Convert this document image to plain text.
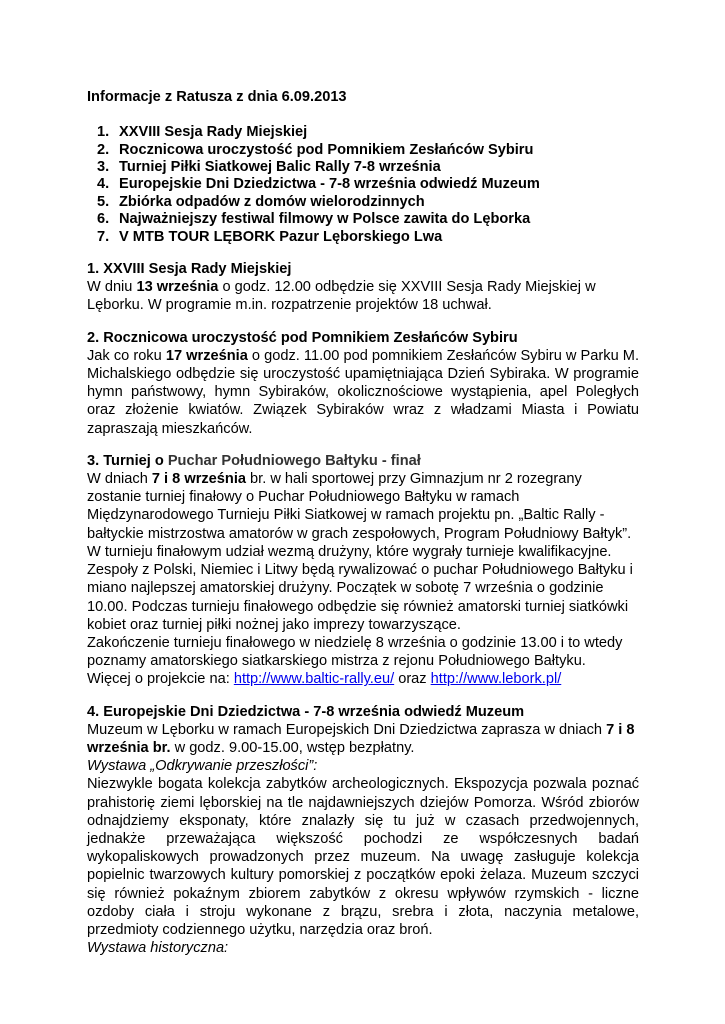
Informacje z Ratusza z dnia 6.09.2013

1. XXVIII Sesja Rady Miejskiej
2. Rocznicowa uroczystość pod Pomnikiem Zesłańców Sybiru
3. Turniej Piłki Siatkowej Balic Rally 7-8 września
4. Europejskie Dni Dziedzictwa - 7-8 września odwiedź Muzeum
5. Zbiórka odpadów z domów wielorodzinnych
6. Najważniejszy festiwal filmowy w Polsce zawita do Lęborka
7. V MTB TOUR LĘBORK Pazur Lęborskiego Lwa

1. XXVIII Sesja Rady Miejskiej

W dniu 13 września o godz. 12.00 odbędzie się XXVIII Sesja Rady Miejskiej w Lęborku. W programie m.in. rozpatrzenie projektów 18 uchwał.

2. Rocznicowa uroczystość pod Pomnikiem Zesłańców Sybiru

Jak co roku 17 września o godz. 11.00 pod pomnikiem Zesłańców Sybiru w Parku M. Michalskiego odbędzie się uroczystość upamiętniająca Dzień Sybiraka. W programie hymn państwowy, hymn Sybiraków, okolicznościowe wystąpienia, apel Poległych oraz złożenie kwiatów. Związek Sybiraków wraz z władzami Miasta i Powiatu zapraszają mieszkańców.

3. Turniej o Puchar Południowego Bałtyku - finał

W dniach 7 i 8 września br. w hali sportowej przy Gimnazjum nr 2 rozegrany zostanie turniej finałowy o Puchar Południowego Bałtyku w ramach Międzynarodowego Turnieju Piłki Siatkowej w ramach projektu pn. „Baltic Rally - bałtyckie mistrzostwa amatorów w grach zespołowych, Program Południowy Bałtyk”. W turnieju finałowym udział wezmą drużyny, które wygrały turnieje kwalifikacyjne. Zespoły z Polski, Niemiec i Litwy będą rywalizować o puchar Południowego Bałtyku i miano najlepszej amatorskiej drużyny. Początek w sobotę 7 września o godzinie 10.00. Podczas turnieju finałowego odbędzie się również amatorski turniej siatkówki kobiet oraz turniej piłki nożnej jako imprezy towarzyszące.

Zakończenie turnieju finałowego w niedzielę 8 września o godzinie 13.00 i to wtedy poznamy amatorskiego siatkarskiego mistrza z rejonu Południowego Bałtyku.

Więcej o projekcie na: http://www.baltic-rally.eu/ oraz http://www.lebork.pl/

4. Europejskie Dni Dziedzictwa - 7-8 września odwiedź Muzeum

Muzeum w Lęborku w ramach Europejskich Dni Dziedzictwa zaprasza w dniach 7 i 8 września br. w godz. 9.00-15.00, wstęp bezpłatny.

Wystawa „Odkrywanie przeszłości”:

Niezwykle bogata kolekcja zabytków archeologicznych. Ekspozycja pozwala poznać prahistorię ziemi lęborskiej na tle najdawniejszych dziejów Pomorza. Wśród zbiorów odnajdziemy eksponaty, które znalazły się tu już w czasach przedwojennych, jednakże przeważająca większość pochodzi ze współczesnych badań wykopaliskowych prowadzonych przez muzeum. Na uwagę zasługuje kolekcja popielnic twarzowych kultury pomorskiej z początków epoki żelaza. Muzeum szczyci się również pokaźnym zbiorem zabytków z okresu wpływów rzymskich - liczne ozdoby ciała i stroju wykonane z brązu, srebra i złota, naczynia metalowe, przedmioty codziennego użytku, narzędzia oraz broń.

Wystawa historyczna:
